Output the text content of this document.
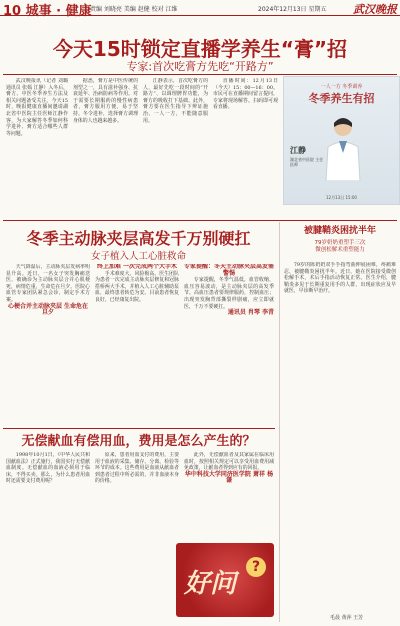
10 城事 · 健康
责编 刘晓亮 美编 赵健 校对 江维	2024年12月13日 星期五 武汉晚报
今天15时锁定直播学养生“膏”招
专家:首次吃膏方先吃“开路方”

武汉晚报讯（记者 刘璐 通讯员 张嫣 江静）入冬后，膏方、中医冬季养生方法及相关问题备受关注。今天15时，晚报健康直播间邀请湖北省中医院主任医师江静作客，为大家解答冬季如何科学进补、膏方适合哪些人群等问题。

据悉，膏方是中医传统的剂型之一，具有滋补强身、抗衰延年、治病防病等作用。对于需要长期服药的慢性病患者，膏方服用方便，易于坚持。冬令进补，选择膏方调理身体的人也越来越多。

江静表示，首次吃膏方的人，最好先吃一段时间的“开路方”，以调理脾胃功能，为膏方的吸收打下基础。此外，膏方要在医生指导下辨证施治，一人一方，不能随意服用。

直播时间：12月13日（今天）15：00—16：00。市民可在直播期间留言提问，专家将现场解答。扫码即可观看直播。

一人一方 冬季调养
冬季养生有招
江静
湖北省中医院 主任医师
12月13日 15:00
冬季主动脉夹层高发千万别硬扛
女子植入人工心脏救命

天气降温后，主动脉夹层发病率明显升高。近日，一名女子突发胸痛送医，被确诊为主动脉夹层合并心肌梗死，病情危重，生命危在旦夕。医院心血管专家团队紧急会诊，制定手术方案。

心梗合并主动脉夹层 生命危在旦夕

终上加难 一次完成两个大手术

手术难度大、风险极高。医生团队为患者一次完成主动脉夹层修复和冠脉搭桥两大手术，并植入人工心脏辅助泵血，最终患者转危为安。目前患者恢复良好，已经康复出院。

专家提醒：冬天主动脉夹层高发需警惕

专家提醒，冬季气温低，血管收缩，血压容易波动，是主动脉夹层的高发季节。高血压患者要规律服药，控制血压；出现突发胸背部撕裂样剧痛，应立即就医，千万不要硬扛。

通讯员 肖琴 李青

被腱鞘炎困扰半年
79岁奶奶重塑手三次
微创松解术重塑能力

79岁的陈奶奶双手手指弯曲伸展困难，疼痛难忍，被腱鞘炎困扰半年。近日，她在医院接受微创松解手术，术后手指活动恢复正常。医生介绍，腱鞘炎多见于长期重复用手的人群，出现症状应及早就医，早诊断早治疗。

毛晨 黄萍 王芳
无偿献血有偿用血，费用是怎么产生的？

1998年10月1日，《中华人民共和国献血法》正式施行，我国实行无偿献血制度。无偿献血的血液必须用于临床，不得买卖。那么，为什么患者用血时还需要支付费用呢？

原来，患者用血支付的费用，主要用于血液的采集、储存、分离、检验等环节的成本。这些费用是血液从献血者到患者过程中所必需的，并非血液本身的价格。

此外，无偿献血者及其家属在临床用血时，按照相关规定可以享受用血费用减免政策，让献血者得到应有的回报。

华中科技大学同济医学院 萧祥 杨谦

好问
?
